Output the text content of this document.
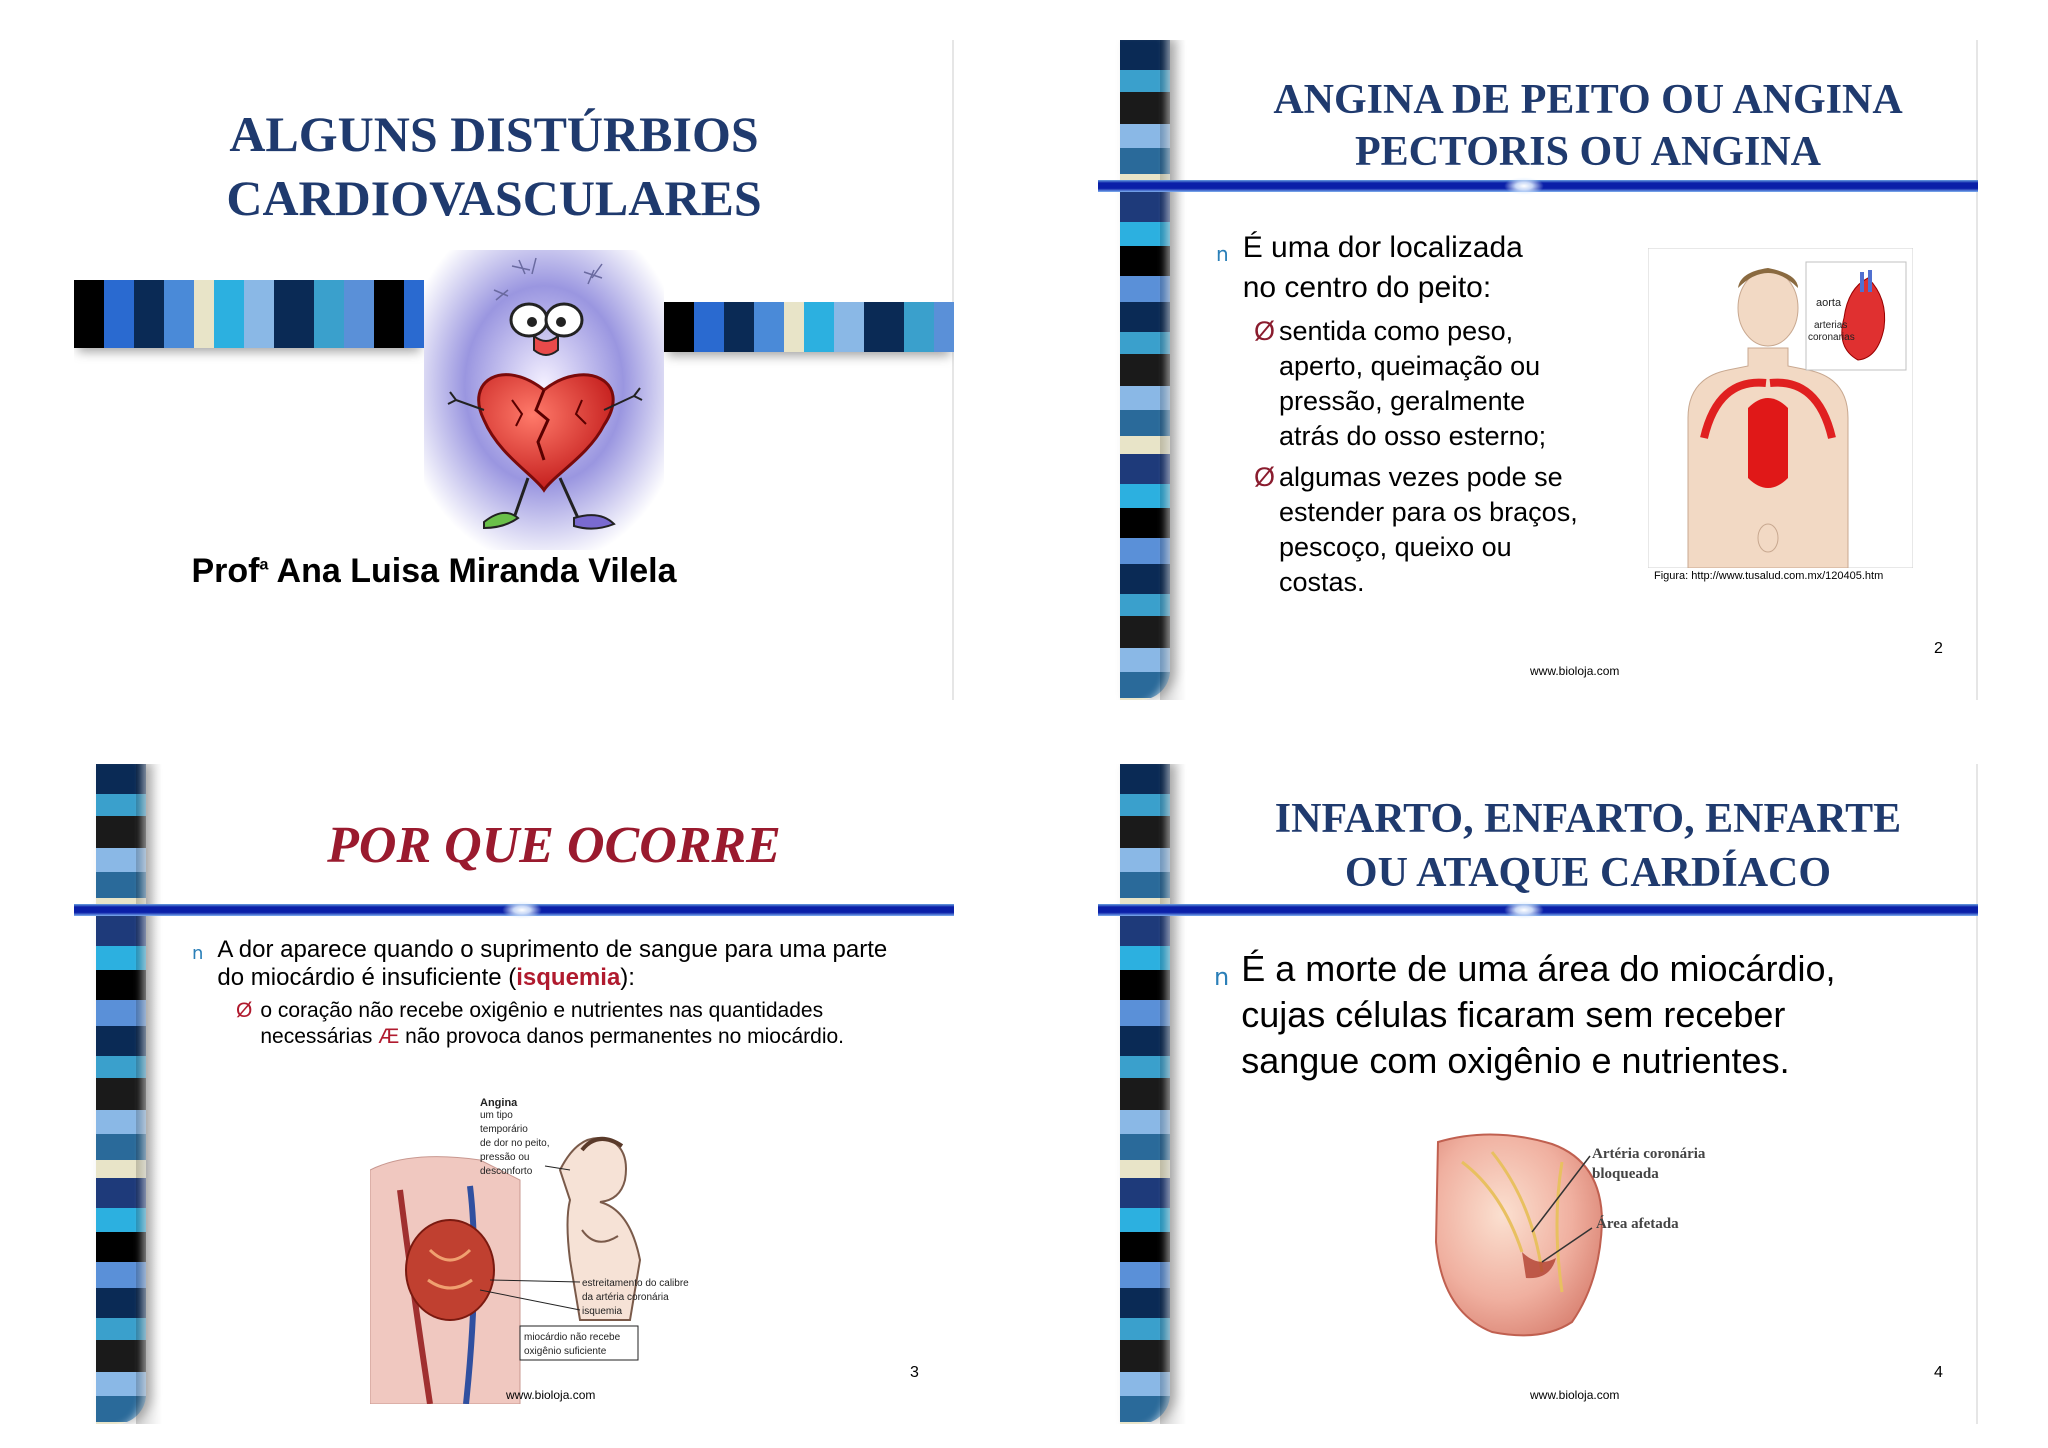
ALGUNS DISTÚRBIOS
CARDIOVASCULARES
Prof$^a$ Ana Luisa Miranda Vilela
ANGINA DE PEITO OU ANGINA
PECTORIS OU ANGINA
n É uma dor localizada no centro do peito:
Ø sentida como peso, aperto, queimação ou pressão, geralmente atrás do osso esterno;
Ø algumas vezes pode se estender para os braços, pescoço, queixo ou costas.
aorta
arterias
coronarias
Figura: http://www.tusalud.com.mx/120405.htm
2
www.bioloja.com
POR QUE OCORRE
n A dor aparece quando o suprimento de sangue para uma parte do miocárdio é insuficiente (isquemia):
Ø o coração não recebe oxigênio e nutrientes nas quantidades necessárias Æ não provoca danos permanentes no miocárdio.
Angina
um tipo
temporário
de dor no peito,
pressão ou
desconforto
estreitamento do calibre
da artéria coronária
isquemia
miocárdio não recebe
oxigênio suficiente
3
www.bioloja.com
INFARTO, ENFARTO, ENFARTE
OU ATAQUE CARDÍACO
n É a morte de uma área do miocárdio, cujas células ficaram sem receber sangue com oxigênio e nutrientes.
Artéria coronária
bloqueada
Área afetada
4
www.bioloja.com
